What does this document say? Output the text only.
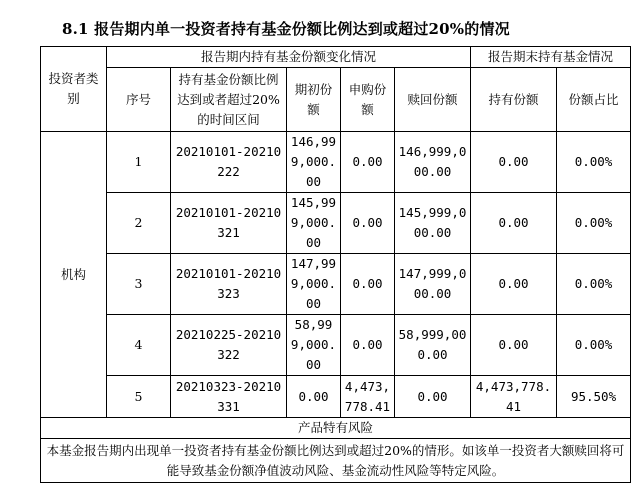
8.1 报告期内单一投资者持有基金份额比例达到或超过20%的情况
投资者类别	报告期内持有基金份额变化情况					报告期末持有基金情况	
	序号	持有基金份额比例达到或者超过20%的时间区间	期初份额	申购份额	赎回份额	持有份额	份额占比
机构	1	20210101-20210222	146,999,000.00	0.00	146,999,000.00	0.00	0.00%
	2	20210101-20210321	145,999,000.00	0.00	145,999,000.00	0.00	0.00%
	3	20210101-20210323	147,999,000.00	0.00	147,999,000.00	0.00	0.00%
	4	20210225-20210322	58,999,000.00	0.00	58,999,000.00	0.00	0.00%
	5	20210323-20210331	0.00	4,473,778.41	0.00	4,473,778.41	95.50%
产品特有风险							
本基金报告期内出现单一投资者持有基金份额比例达到或超过20%的情形。如该单一投资者大额赎回将可能导致基金份额净值波动风险、基金流动性风险等特定风险。							
